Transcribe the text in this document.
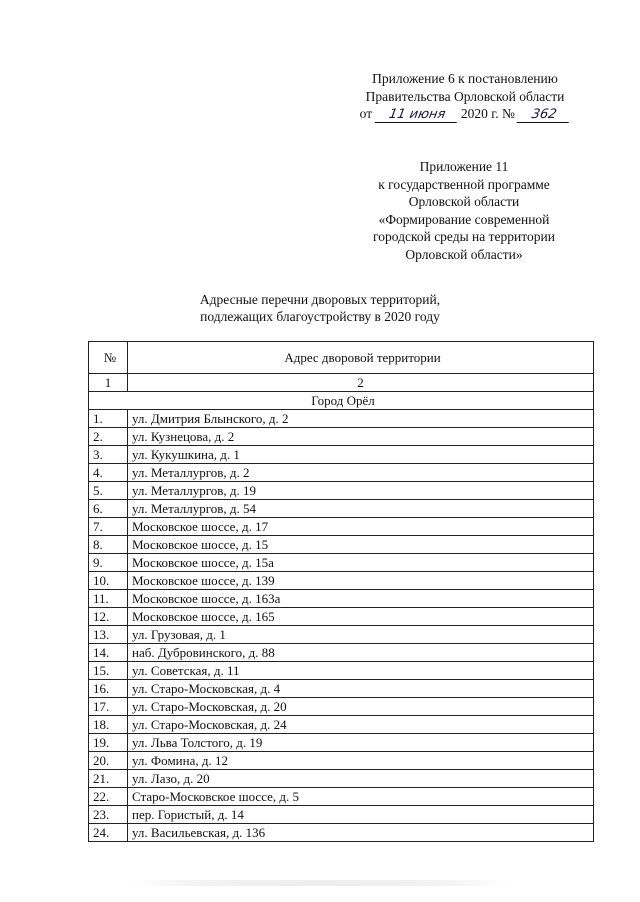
Приложение 6 к постановлению
Правительства Орловской области
от 11 июня 2020 г. № 362
Приложение 11
к государственной программе
Орловской области
«Формирование современной
городской среды на территории
Орловской области»
Адресные перечни дворовых территорий,
подлежащих благоустройству в 2020 году
№	Адрес дворовой территории
1	2
Город Орёл	
1.	ул. Дмитрия Блынского, д. 2
2.	ул. Кузнецова, д. 2
3.	ул. Кукушкина, д. 1
4.	ул. Металлургов, д. 2
5.	ул. Металлургов, д. 19
6.	ул. Металлургов, д. 54
7.	Московское шоссе, д. 17
8.	Московское шоссе, д. 15
9.	Московское шоссе, д. 15а
10.	Московское шоссе, д. 139
11.	Московское шоссе, д. 163а
12.	Московское шоссе, д. 165
13.	ул. Грузовая, д. 1
14.	наб. Дубровинского, д. 88
15.	ул. Советская, д. 11
16.	ул. Старо-Московская, д. 4
17.	ул. Старо-Московская, д. 20
18.	ул. Старо-Московская, д. 24
19.	ул. Льва Толстого, д. 19
20.	ул. Фомина, д. 12
21.	ул. Лазо, д. 20
22.	Старо-Московское шоссе, д. 5
23.	пер. Гористый, д. 14
24.	ул. Васильевская, д. 136
